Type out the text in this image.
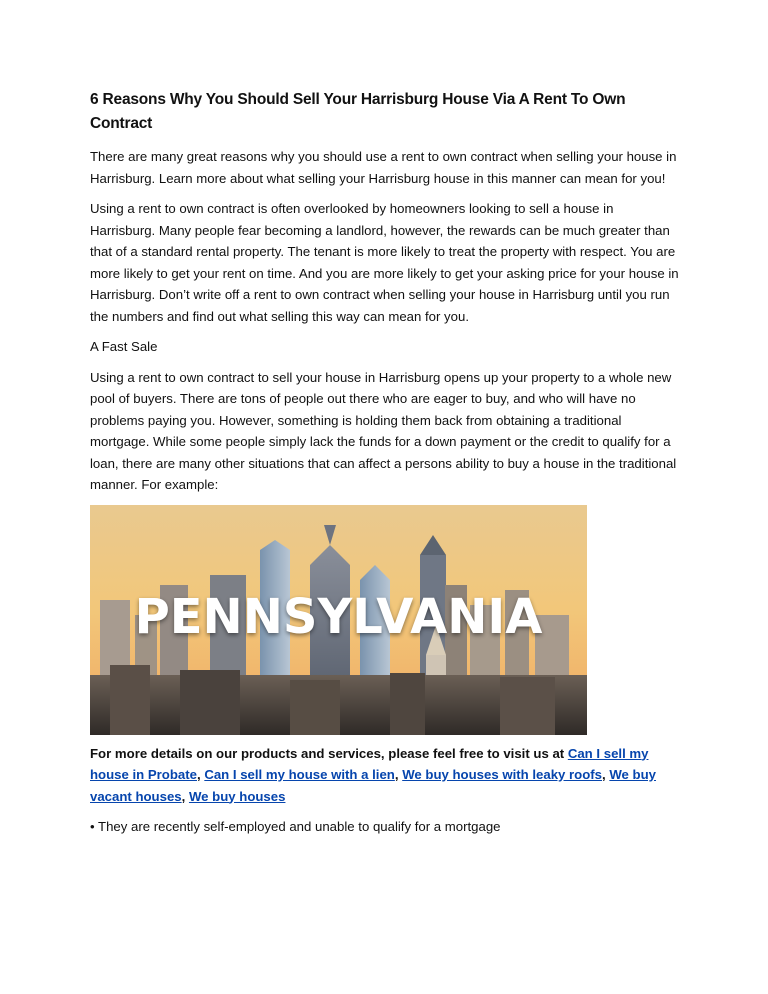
6 Reasons Why You Should Sell Your Harrisburg House Via A Rent To Own Contract

There are many great reasons why you should use a rent to own contract when selling your house in Harrisburg. Learn more about what selling your Harrisburg house in this manner can mean for you!

Using a rent to own contract is often overlooked by homeowners looking to sell a house in Harrisburg. Many people fear becoming a landlord, however, the rewards can be much greater than that of a standard rental property. The tenant is more likely to treat the property with respect. You are more likely to get your rent on time. And you are more likely to get your asking price for your house in Harrisburg. Don’t write off a rent to own contract when selling your house in Harrisburg until you run the numbers and find out what selling this way can mean for you.

A Fast Sale

Using a rent to own contract to sell your house in Harrisburg opens up your property to a whole new pool of buyers. There are tons of people out there who are eager to buy, and who will have no problems paying you. However, something is holding them back from obtaining a traditional mortgage. While some people simply lack the funds for a down payment or the credit to qualify for a loan, there are many other situations that can affect a persons ability to buy a house in the traditional manner. For example:

PENNSYLVANIA
For more details on our products and services, please feel free to visit us at Can I sell my house in Probate, Can I sell my house with a lien, We buy houses with leaky roofs, We buy vacant houses, We buy houses

• They are recently self-employed and unable to qualify for a mortgage
